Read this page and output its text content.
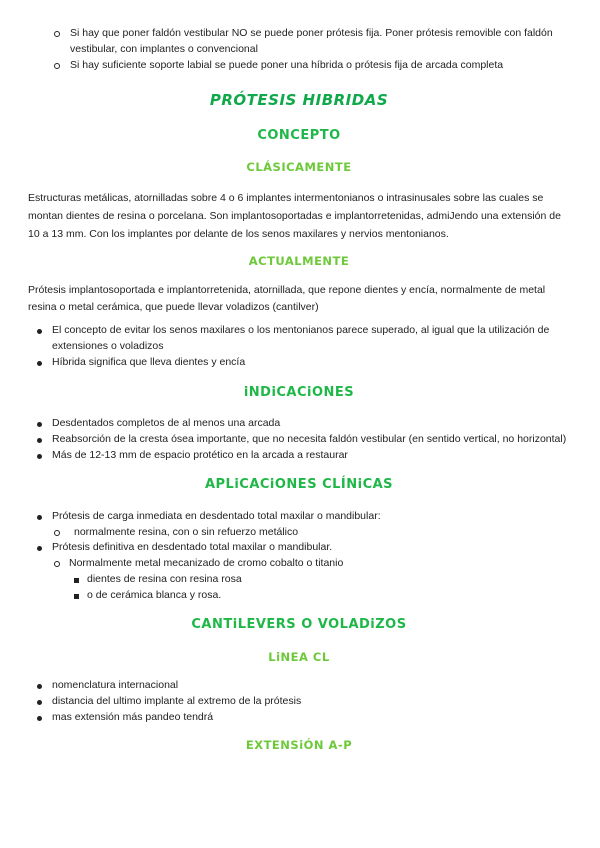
Si hay que poner faldón vestibular NO se puede poner prótesis fija. Poner prótesis removible con faldón vestibular, con implantes o convencional
Si hay suficiente soporte labial se puede poner una híbrida o prótesis fija de arcada completa
PRÓTESIS HIBRIDAS
CONCEPTO
CLÁSICAMENTE

Estructuras metálicas, atornilladas sobre 4 o 6 implantes intermentonianos o intrasinusales sobre las cuales se montan dientes de resina o porcelana. Son implantosoportadas e implantorretenidas, admiJendo una extensión de 10 a 13 mm. Con los implantes por delante de los senos maxilares y nervios mentonianos.

ACTUALMENTE

Prótesis implantosoportada e implantorretenida, atornillada, que repone dientes y encía, normalmente de metal resina o metal cerámica, que puede llevar voladizos (cantilver)

El concepto de evitar los senos maxilares o los mentonianos parece superado, al igual que la utilización de extensiones o voladizos
Híbrida significa que lleva dientes y encía
iNDiCACiONES
Desdentados completos de al menos una arcada
Reabsorción de la cresta ósea importante, que no necesita faldón vestibular (en sentido vertical, no horizontal)
Más de 12-13 mm de espacio protético en la arcada a restaurar
APLiCACiONES CLÍNiCAS
Prótesis de carga inmediata en desdentado total maxilar o mandibular:
normalmente resina, con o sin refuerzo metálico
Prótesis definitiva en desdentado total maxilar o mandibular.
Normalmente metal mecanizado de cromo cobalto o titanio
dientes de resina con resina rosa
o de cerámica blanca y rosa.
CANTiLEVERS O VOLADiZOS
LiNEA CL
nomenclatura internacional
distancia del ultimo implante al extremo de la prótesis
mas extensión más pandeo tendrá
EXTENSiÓN A-P
